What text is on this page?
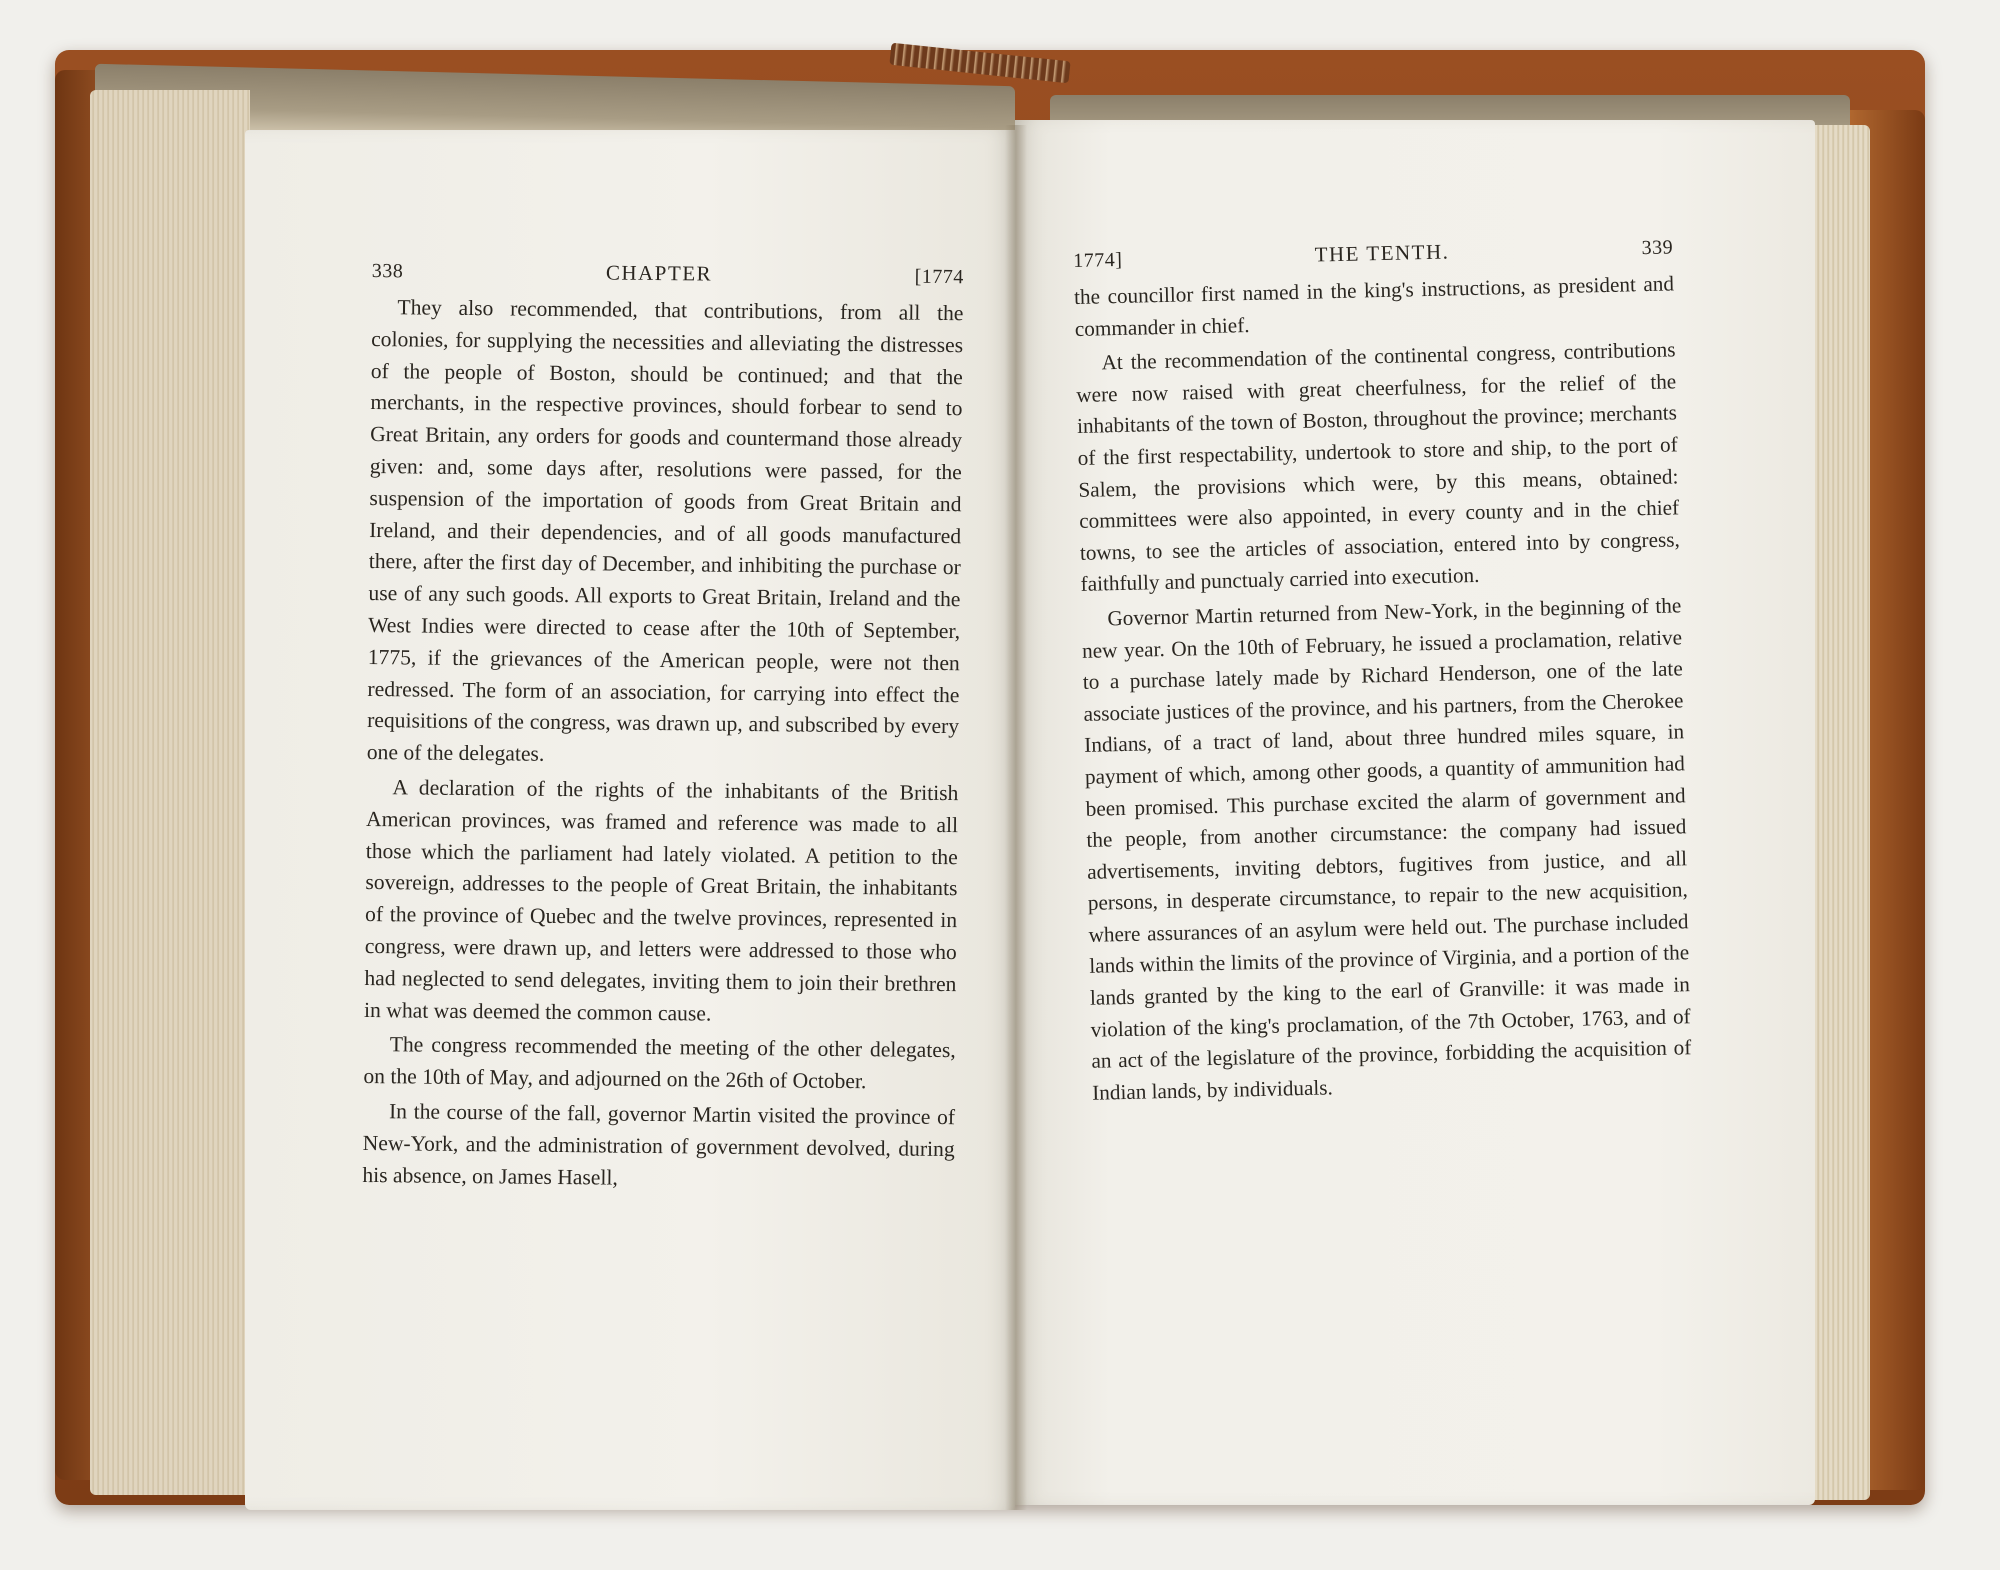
338	CHAPTER	[1774

They also recommended, that contributions, from all the colonies, for supplying the necessities and alleviating the distresses of the people of Boston, should be continued; and that the merchants, in the respective provinces, should forbear to send to Great Britain, any orders for goods and countermand those already given: and, some days after, resolutions were passed, for the suspension of the importation of goods from Great Britain and Ireland, and their dependencies, and of all goods manufactured there, after the first day of December, and inhibiting the purchase or use of any such goods. All exports to Great Britain, Ireland and the West Indies were directed to cease after the 10th of September, 1775, if the grievances of the American people, were not then redressed. The form of an association, for carrying into effect the requisitions of the congress, was drawn up, and subscribed by every one of the delegates.

A declaration of the rights of the inhabitants of the British American provinces, was framed and reference was made to all those which the parliament had lately violated. A petition to the sovereign, addresses to the people of Great Britain, the inhabitants of the province of Quebec and the twelve provinces, represented in congress, were drawn up, and letters were addressed to those who had neglected to send delegates, inviting them to join their brethren in what was deemed the common cause.

The congress recommended the meeting of the other delegates, on the 10th of May, and adjourned on the 26th of October.

In the course of the fall, governor Martin visited the province of New-York, and the administration of government devolved, during his absence, on James Hasell,

1774]	THE TENTH.	339

the councillor first named in the king's instructions, as president and commander in chief.

At the recommendation of the continental congress, contributions were now raised with great cheerfulness, for the relief of the inhabitants of the town of Boston, throughout the province; merchants of the first respectability, undertook to store and ship, to the port of Salem, the provisions which were, by this means, obtained: committees were also appointed, in every county and in the chief towns, to see the articles of association, entered into by congress, faithfully and punctualy carried into execution.

Governor Martin returned from New-York, in the beginning of the new year. On the 10th of February, he issued a proclamation, relative to a purchase lately made by Richard Henderson, one of the late associate justices of the province, and his partners, from the Cherokee Indians, of a tract of land, about three hundred miles square, in payment of which, among other goods, a quantity of ammunition had been promised. This purchase excited the alarm of government and the people, from another circumstance: the company had issued advertisements, inviting debtors, fugitives from justice, and all persons, in desperate circumstance, to repair to the new acquisition, where assurances of an asylum were held out. The purchase included lands within the limits of the province of Virginia, and a portion of the lands granted by the king to the earl of Granville: it was made in violation of the king's proclamation, of the 7th October, 1763, and of an act of the legislature of the province, forbidding the acquisition of Indian lands, by individuals.
